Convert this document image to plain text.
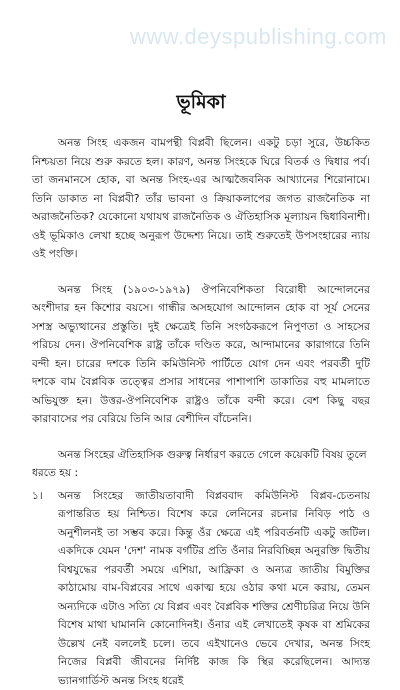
www.deyspublishing.com
ভূমিকা

অনন্ত সিংহ একজন বামপন্থী বিপ্লবী ছিলেন। একটু চড়া সুরে, উচ্চকিত নিশ্চয়তা নিয়ে শুরু করতে হল। কারণ, অনন্ত সিংহকে ঘিরে বিতর্ক ও দ্বিধার পর্ব। তা জনমানসে হোক, বা অনন্ত সিংহ-এর আত্মজৈবনিক আখ্যানের শিরোনামে। তিনি ডাকাত না বিপ্লবী? তাঁর ভাবনা ও ক্রিয়াকলাপের জগত রাজনৈতিক না অরাজনৈতিক? যেকোনো যথাযথ রাজনৈতিক ও ঐতিহাসিক মূল্যায়ন দ্বিধাবিনাশী। ওই ভূমিকাও লেখা হচ্ছে অনুরূপ উদ্দেশ্য নিয়ে। তাই শুরুতেই উপসংহারের ন্যায় ওই পংক্তি।

অনন্ত সিংহ (১৯০৩-১৯৭৯) ঔপনিবেশিকতা বিরোধী আন্দোলনের অংশীদার হন কিশোর বয়সে। গান্ধীর অসহযোগ আন্দোলন হোক বা সূর্য সেনের সশস্ত্র অভ্যুত্থানের প্রস্তুতি। দুই ক্ষেত্রেই তিনি সংগঠকরূপে নিপুণতা ও সাহসের পরিচয় দেন। ঔপনিবেশিক রাষ্ট্র তাঁকে দণ্ডিত করে, আন্দামানের কারাগারে তিনি বন্দী হন। চারের দশকে তিনি কমিউনিস্ট পার্টিতে যোগ দেন এবং পরবর্তী দুটি দশকে বাম বৈপ্লবিক তত্ত্বের প্রসার সাধনের পাশাপাশি ডাকাতির বহু মামলাতে অভিযুক্ত হন। উত্তর-ঔপনিবেশিক রাষ্ট্রও তাঁকে বন্দী করে। বেশ কিছু বছর কারাবাসের পর বেরিয়ে তিনি আর বেশীদিন বাঁচেননি।

অনন্ত সিংহের ঐতিহাসিক গুরুত্ব নির্ধারণ করতে গেলে কয়েকটি বিষয় তুলে ধরতে হয় :

১।	অনন্ত সিংহের জাতীয়তাবাদী বিপ্লববাদ কমিউনিস্ট বিপ্লব-চেতনায় রূপান্তরিত হয় নিশ্চিত। বিশেষ করে লেনিনের রচনার নিবিড় পাঠ ও অনুশীলনই তা সম্ভব করে। কিন্তু ওঁর ক্ষেত্রে এই পরিবর্তনটি একটু জটিল। একদিকে যেমন 'দেশ' নামক বর্গটির প্রতি ওঁনার নিরবিচ্ছিন্ন অনুরক্তি দ্বিতীয় বিশ্বযুদ্ধের পরবর্তী সময়ে এশিয়া, আফ্রিকা ও অন্যত্র জাতীয় বিমুক্তির কাঠামোয় বাম-বিপ্লবের সাথে একাত্ম হয়ে ওঠার কথা মনে করায়, তেমন অন্যদিকে এটাও সত্যি যে বিপ্লব এবং বৈপ্লবিক শক্তির শ্রেণীচরিত্র নিয়ে উনি বিশেষ মাথা ঘামাননি কোনোদিনই। ওঁনার এই লেখাতেই কৃষক বা শ্রমিকের উল্লেখ নেই বললেই চলে। তবে এইখানেও ভেবে দেখার, অনন্ত সিংহ নিজের বিপ্লবী জীবনের নির্দিষ্ট কাজ কি স্থির করেছিলেন। আদ্যন্ত ভ্যানগার্ডিস্ট অনন্ত সিংহ ধরেই
